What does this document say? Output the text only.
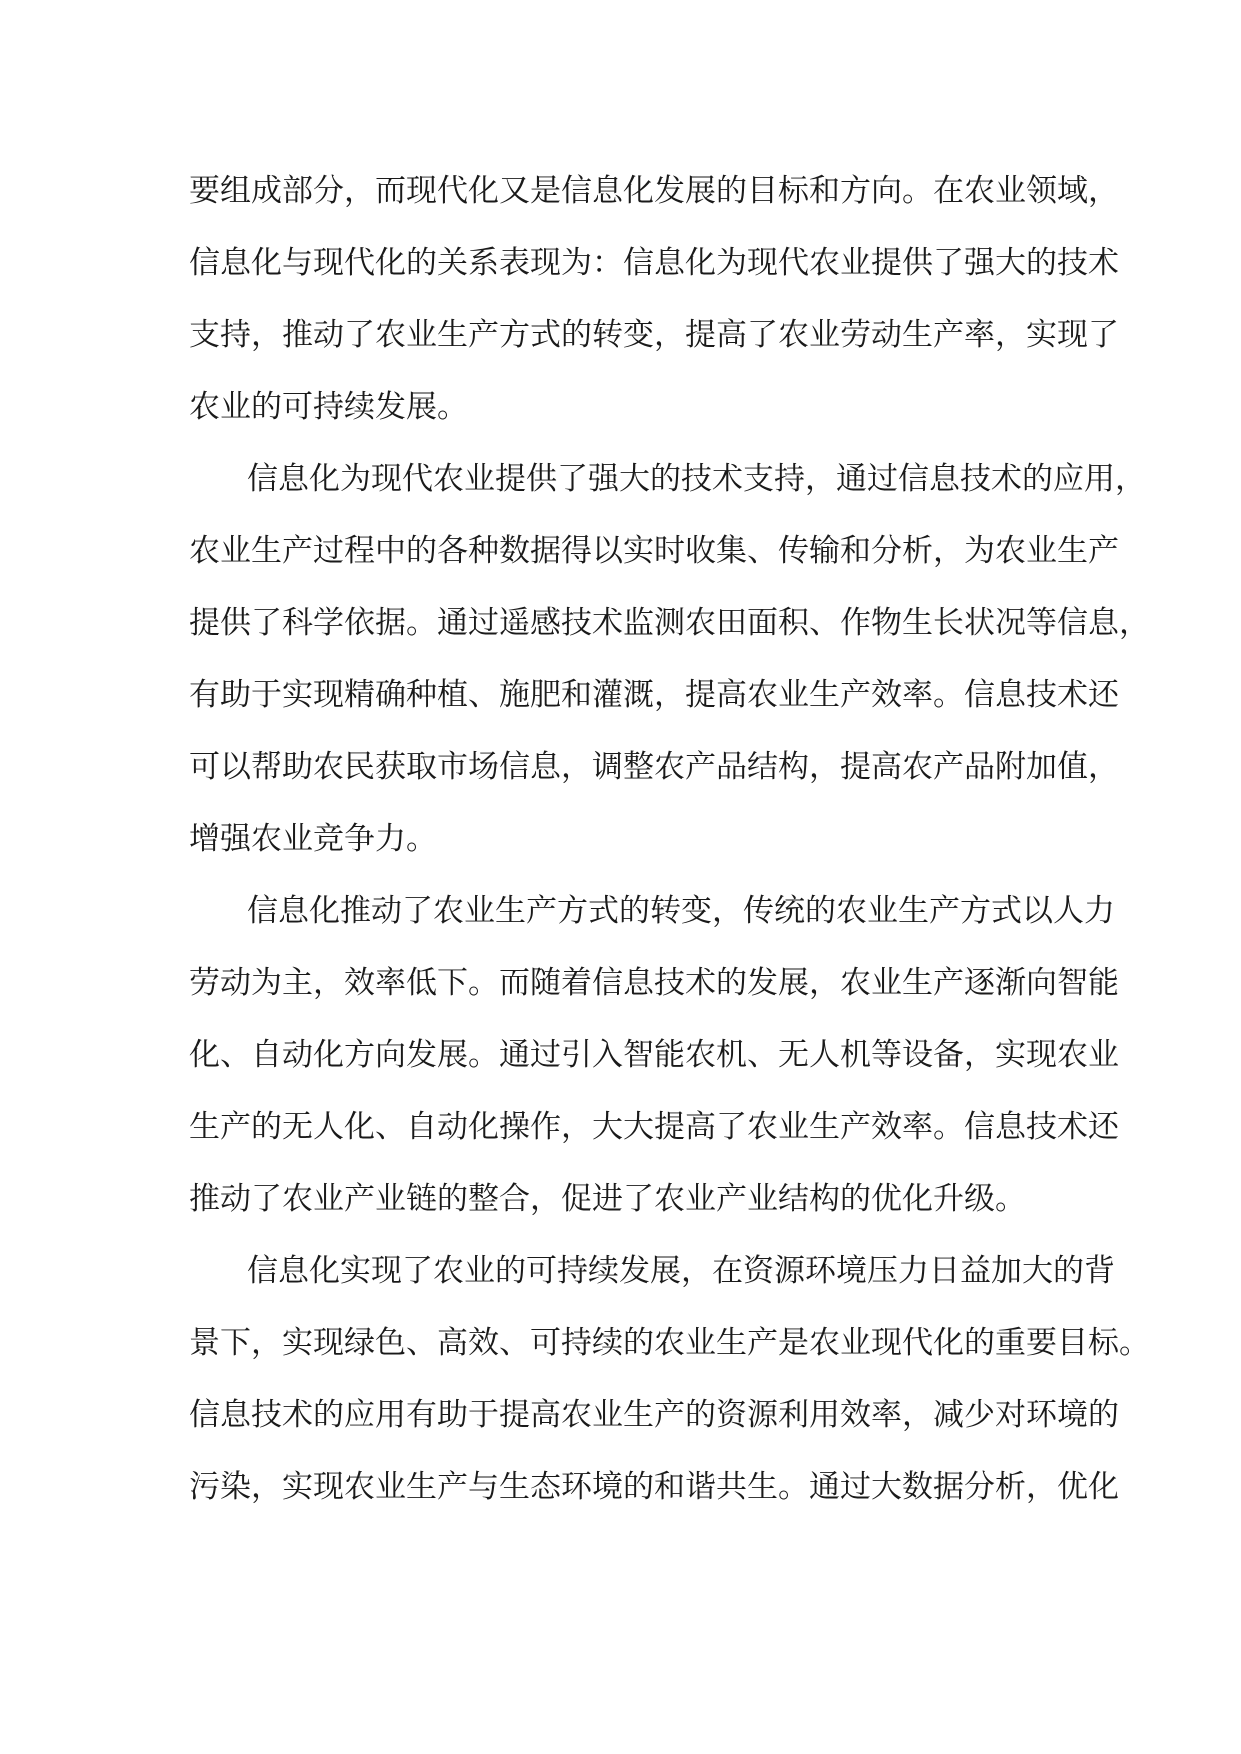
要组成部分，而现代化又是信息化发展的目标和方向。在农业领域，
信息化与现代化的关系表现为：信息化为现代农业提供了强大的技术
支持，推动了农业生产方式的转变，提高了农业劳动生产率，实现了
农业的可持续发展。
信息化为现代农业提供了强大的技术支持，通过信息技术的应用，
农业生产过程中的各种数据得以实时收集、传输和分析，为农业生产
提供了科学依据。通过遥感技术监测农田面积、作物生长状况等信息，
有助于实现精确种植、施肥和灌溉，提高农业生产效率。信息技术还
可以帮助农民获取市场信息，调整农产品结构，提高农产品附加值，
增强农业竞争力。
信息化推动了农业生产方式的转变，传统的农业生产方式以人力
劳动为主，效率低下。而随着信息技术的发展，农业生产逐渐向智能
化、自动化方向发展。通过引入智能农机、无人机等设备，实现农业
生产的无人化、自动化操作，大大提高了农业生产效率。信息技术还
推动了农业产业链的整合，促进了农业产业结构的优化升级。
信息化实现了农业的可持续发展，在资源环境压力日益加大的背
景下，实现绿色、高效、可持续的农业生产是农业现代化的重要目标。
信息技术的应用有助于提高农业生产的资源利用效率，减少对环境的
污染，实现农业生产与生态环境的和谐共生。通过大数据分析，优化
